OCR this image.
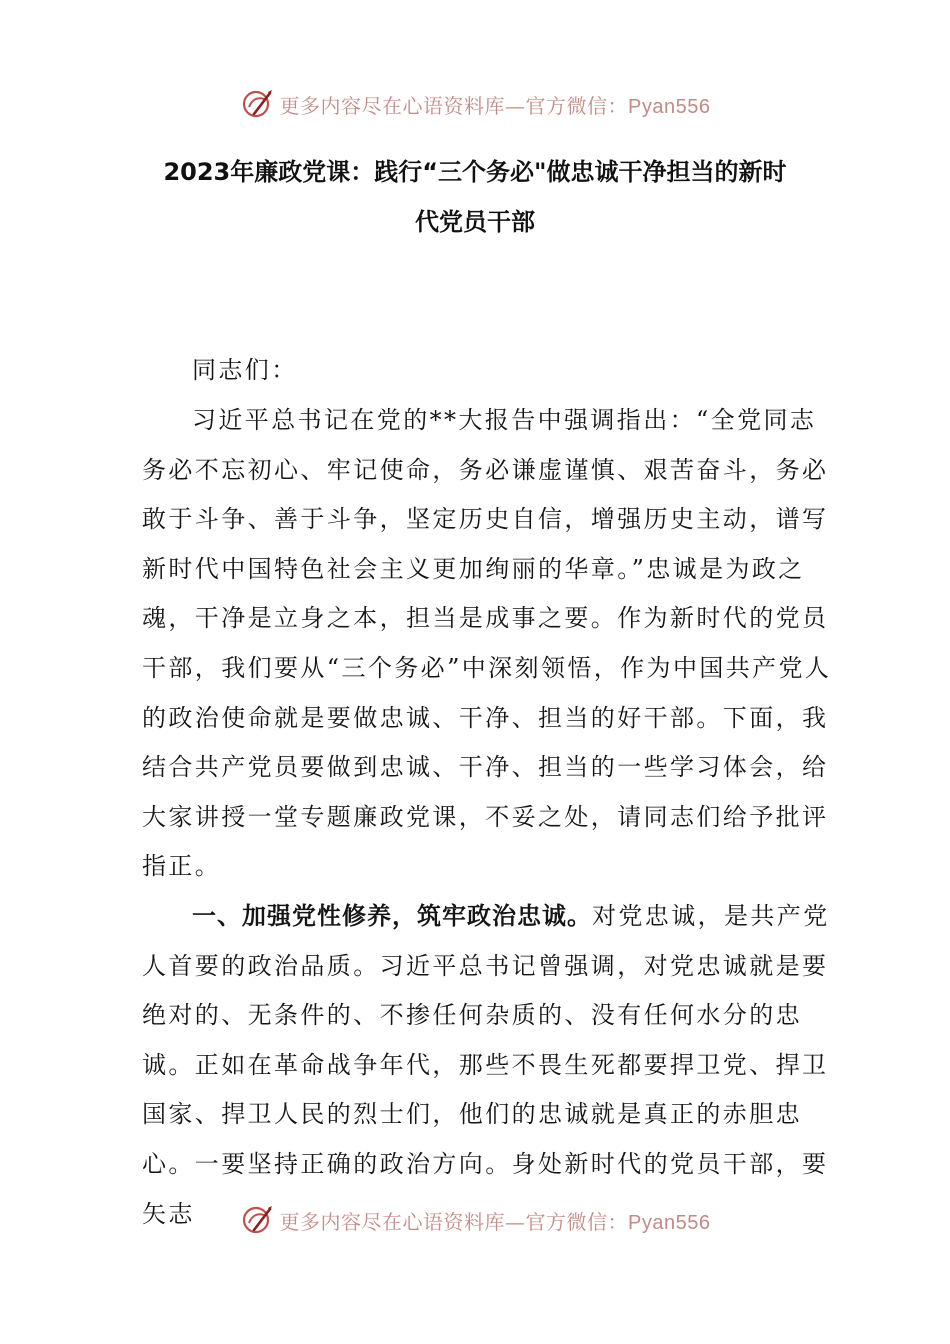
更多内容尽在心语资料库—官方微信：Pyan556
2023年廉政党课：践行“三个务必"做忠诚干净担当的新时
代党员干部

同志们：

习近平总书记在党的**大报告中强调指出：“全党同志务必不忘初心、牢记使命，务必谦虚谨慎、艰苦奋斗，务必敢于斗争、善于斗争，坚定历史自信，增强历史主动，谱写新时代中国特色社会主义更加绚丽的华章。”忠诚是为政之魂，干净是立身之本，担当是成事之要。作为新时代的党员干部，我们要从“三个务必”中深刻领悟，作为中国共产党人的政治使命就是要做忠诚、干净、担当的好干部。下面，我结合共产党员要做到忠诚、干净、担当的一些学习体会，给大家讲授一堂专题廉政党课，不妥之处，请同志们给予批评指正。

一、加强党性修养，筑牢政治忠诚。对党忠诚，是共产党人首要的政治品质。习近平总书记曾强调，对党忠诚就是要绝对的、无条件的、不掺任何杂质的、没有任何水分的忠诚。正如在革命战争年代，那些不畏生死都要捍卫党、捍卫国家、捍卫人民的烈士们，他们的忠诚就是真正的赤胆忠心。一要坚持正确的政治方向。身处新时代的党员干部，要矢志	更多内容尽在心语资料库—官方微信：Pyan556
